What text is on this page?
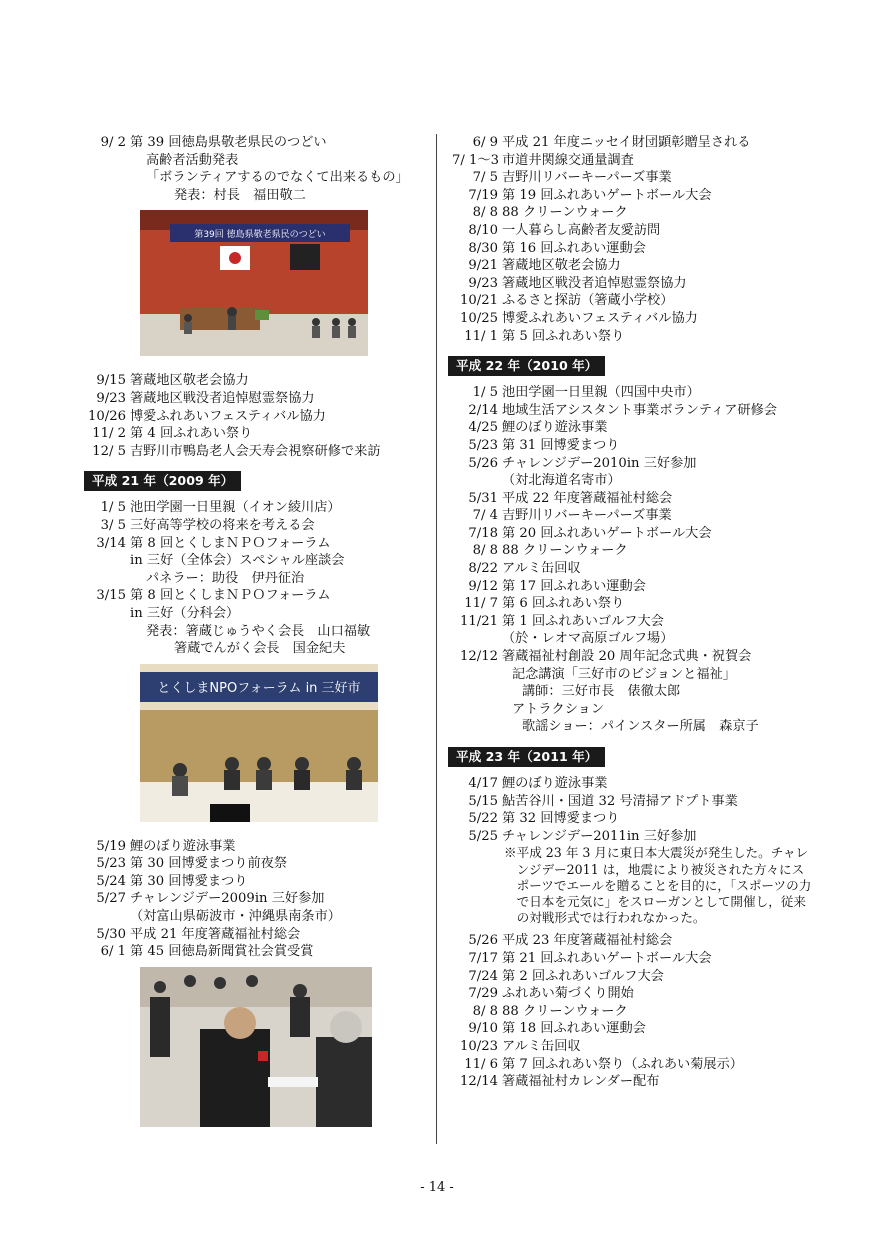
9/ 2 第 39 回徳島県敬老県民のつどい
高齢者活動発表
「ボランティアするのでなくて出来るもの」
発表：村長　福田敬二
第39回 徳島県敬老県民のつどい
9/15 箸蔵地区敬老会協力
9/23 箸蔵地区戦没者追悼慰霊祭協力
10/26 博愛ふれあいフェスティバル協力
11/ 2 第 4 回ふれあい祭り
12/ 5 吉野川市鴨島老人会天寿会視察研修で来訪
平成 21 年（2009 年）
1/ 5 池田学園一日里親（イオン綾川店）
3/ 5 三好高等学校の将来を考える会
3/14 第 8 回とくしまＮＰＯフォーラム
in 三好（全体会）スペシャル座談会
パネラー：助役　伊丹征治
3/15 第 8 回とくしまＮＰＯフォーラム
in 三好（分科会）
発表：箸蔵じゅうやく会長　山口福敏
箸蔵でんがく会長　国金紀夫
とくしまNPOフォーラム in 三好市
5/19 鯉のぼり遊泳事業
5/23 第 30 回博愛まつり前夜祭
5/24 第 30 回博愛まつり
5/27 チャレンジデー2009in 三好参加
（対富山県砺波市・沖縄県南条市）
5/30 平成 21 年度箸蔵福祉村総会
6/ 1 第 45 回徳島新聞賞社会賞受賞
6/ 9 平成 21 年度ニッセイ財団顕彰贈呈される
7/ 1～3 市道井関線交通量調査
7/ 5 吉野川リバーキーパーズ事業
7/19 第 19 回ふれあいゲートボール大会
8/ 8 88 クリーンウォーク
8/10 一人暮らし高齢者友愛訪問
8/30 第 16 回ふれあい運動会
9/21 箸蔵地区敬老会協力
9/23 箸蔵地区戦没者追悼慰霊祭協力
10/21 ふるさと探訪（箸蔵小学校）
10/25 博愛ふれあいフェスティバル協力
11/ 1 第 5 回ふれあい祭り
平成 22 年（2010 年）
1/ 5 池田学園一日里親（四国中央市）
2/14 地域生活アシスタント事業ボランティア研修会
4/25 鯉のぼり遊泳事業
5/23 第 31 回博愛まつり
5/26 チャレンジデー2010in 三好参加
（対北海道名寄市）
5/31 平成 22 年度箸蔵福祉村総会
7/ 4 吉野川リバーキーパーズ事業
7/18 第 20 回ふれあいゲートボール大会
8/ 8 88 クリーンウォーク
8/22 アルミ缶回収
9/12 第 17 回ふれあい運動会
11/ 7 第 6 回ふれあい祭り
11/21 第 1 回ふれあいゴルフ大会
（於・レオマ高原ゴルフ場）
12/12 箸蔵福祉村創設 20 周年記念式典・祝賀会
記念講演「三好市のビジョンと福祉」
講師：三好市長　俵徹太郎
アトラクション
歌謡ショー：パインスター所属　森京子
平成 23 年（2011 年）
4/17 鯉のぼり遊泳事業
5/15 鮎苦谷川・国道 32 号清掃アドプト事業
5/22 第 32 回博愛まつり
5/25 チャレンジデー2011in 三好参加
※平成 23 年 3 月に東日本大震災が発生した。チャレンジデー2011 は，地震により被災された方々にスポーツでエールを贈ることを目的に，「スポーツの力で日本を元気に」をスローガンとして開催し，従来の対戦形式では行われなかった。
5/26 平成 23 年度箸蔵福祉村総会
7/17 第 21 回ふれあいゲートボール大会
7/24 第 2 回ふれあいゴルフ大会
7/29 ふれあい菊づくり開始
8/ 8 88 クリーンウォーク
9/10 第 18 回ふれあい運動会
10/23 アルミ缶回収
11/ 6 第 7 回ふれあい祭り（ふれあい菊展示）
12/14 箸蔵福祉村カレンダー配布
- 14 -
